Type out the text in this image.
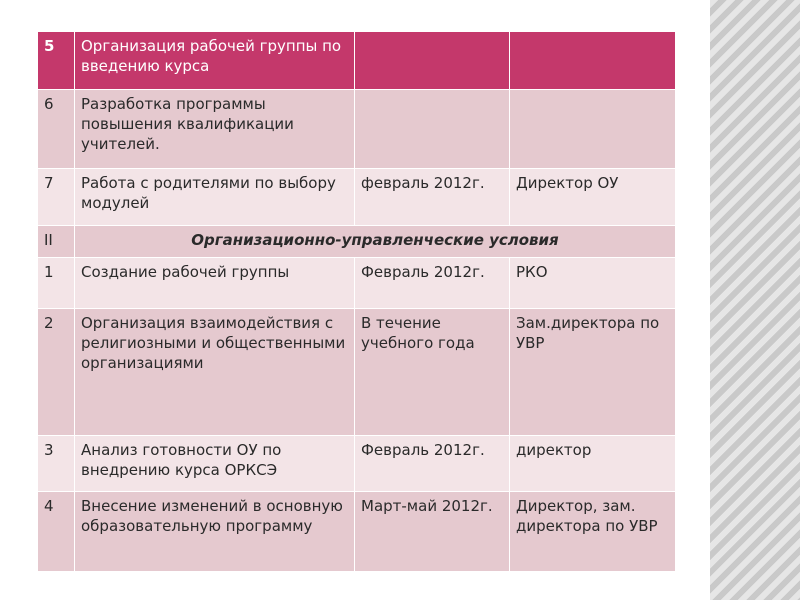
5	Организация рабочей группы по введению курса		
6	Разработка программы повышения квалификации учителей.		
7	Работа с родителями по выбору модулей	февраль 2012г.	Директор ОУ
II	Организационно-управленческие условия		
1	Создание рабочей группы	Февраль 2012г.	РКО
2	Организация взаимодействия с религиозными и общественными организациями	В течение учебного года	Зам.директора по УВР
3	Анализ готовности ОУ по внедрению курса ОРКСЭ	Февраль 2012г.	директор
4	Внесение изменений в основную образовательную программу	Март-май 2012г.	Директор, зам. директора по УВР
